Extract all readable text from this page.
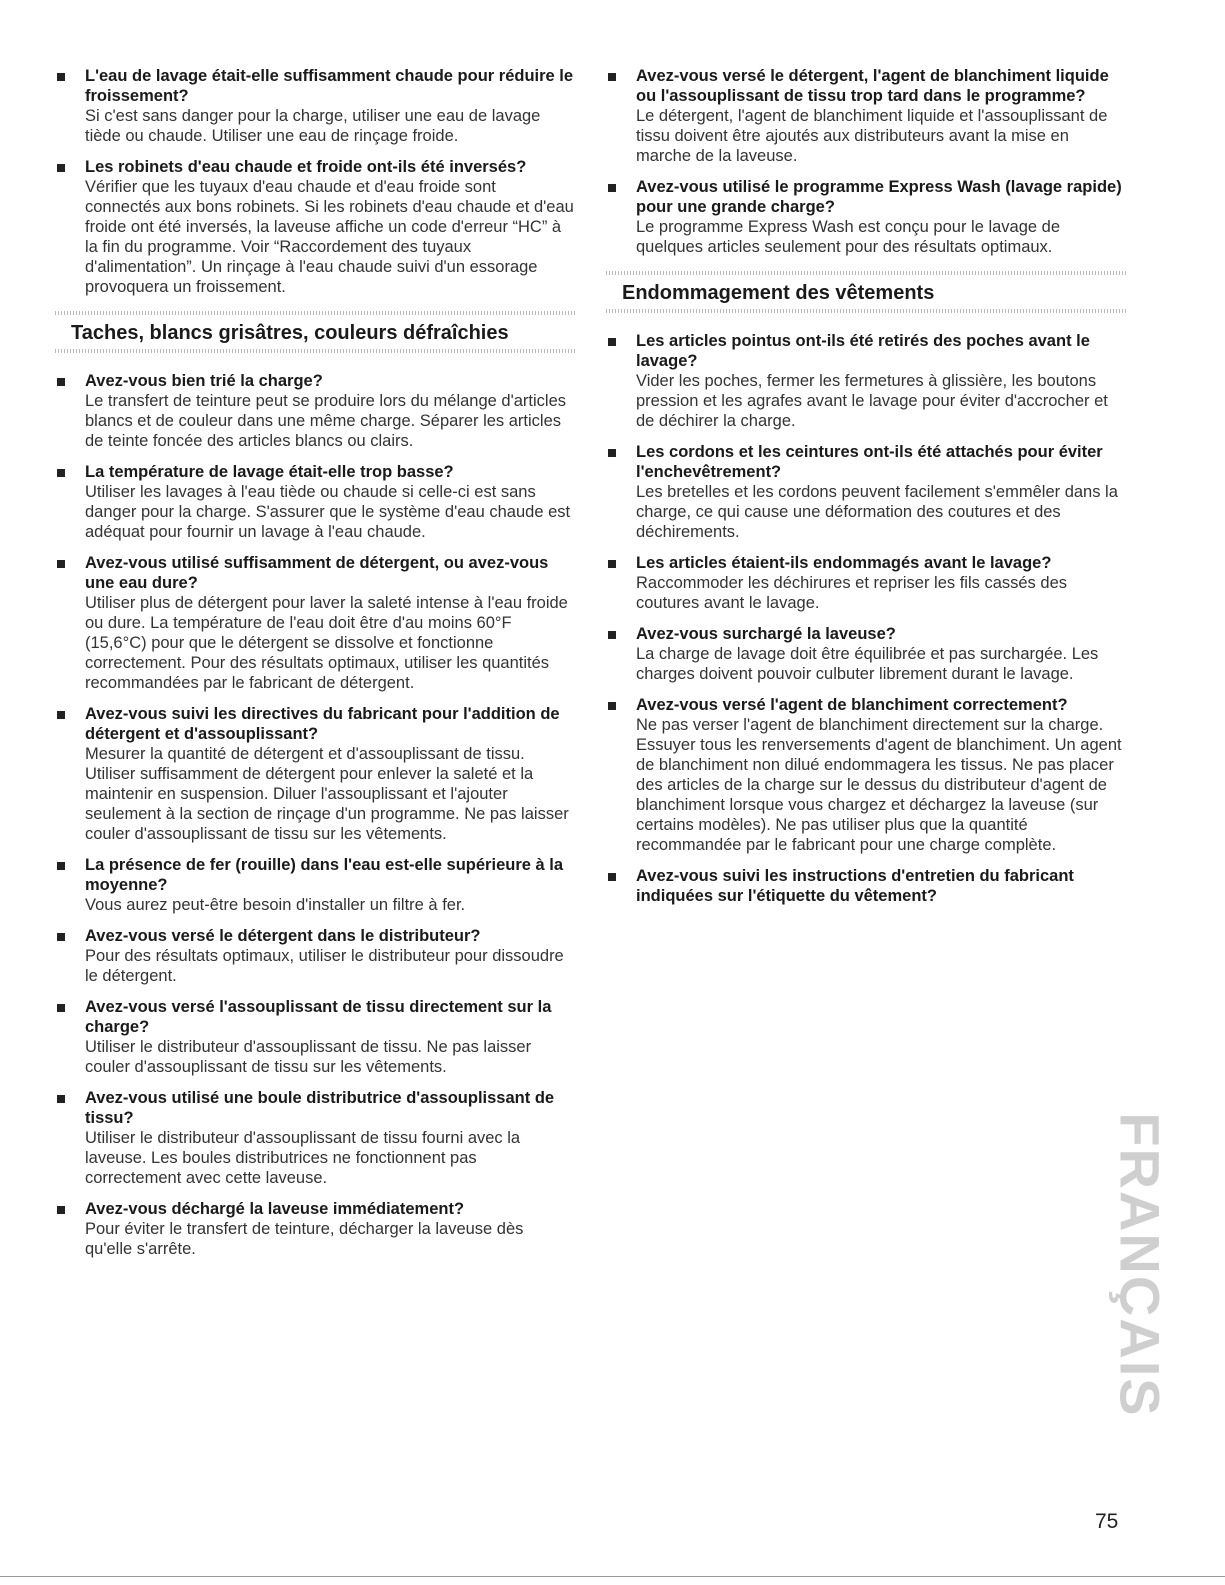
L'eau de lavage était-elle suffisamment chaude pour réduire le froissement?
Si c'est sans danger pour la charge, utiliser une eau de lavage tiède ou chaude. Utiliser une eau de rinçage froide.
Les robinets d'eau chaude et froide ont-ils été inversés?
Vérifier que les tuyaux d'eau chaude et d'eau froide sont connectés aux bons robinets. Si les robinets d'eau chaude et d'eau froide ont été inversés, la laveuse affiche un code d'erreur “HC” à la fin du programme. Voir “Raccordement des tuyaux d'alimentation”. Un rinçage à l'eau chaude suivi d'un essorage provoquera un froissement.
Taches, blancs grisâtres, couleurs défraîchies
Avez-vous bien trié la charge?
Le transfert de teinture peut se produire lors du mélange d'articles blancs et de couleur dans une même charge. Séparer les articles de teinte foncée des articles blancs ou clairs.
La température de lavage était-elle trop basse?
Utiliser les lavages à l'eau tiède ou chaude si celle-ci est sans danger pour la charge. S'assurer que le système d'eau chaude est adéquat pour fournir un lavage à l'eau chaude.
Avez-vous utilisé suffisamment de détergent, ou avez-vous une eau dure?
Utiliser plus de détergent pour laver la saleté intense à l'eau froide ou dure. La température de l'eau doit être d'au moins 60°F (15,6°C) pour que le détergent se dissolve et fonctionne correctement. Pour des résultats optimaux, utiliser les quantités recommandées par le fabricant de détergent.
Avez-vous suivi les directives du fabricant pour l'addition de détergent et d'assouplissant?
Mesurer la quantité de détergent et d'assouplissant de tissu. Utiliser suffisamment de détergent pour enlever la saleté et la maintenir en suspension. Diluer l'assouplissant et l'ajouter seulement à la section de rinçage d'un programme. Ne pas laisser couler d'assouplissant de tissu sur les vêtements.
La présence de fer (rouille) dans l'eau est-elle supérieure à la moyenne?
Vous aurez peut-être besoin d'installer un filtre à fer.
Avez-vous versé le détergent dans le distributeur?
Pour des résultats optimaux, utiliser le distributeur pour dissoudre le détergent.
Avez-vous versé l'assouplissant de tissu directement sur la charge?
Utiliser le distributeur d'assouplissant de tissu. Ne pas laisser couler d'assouplissant de tissu sur les vêtements.
Avez-vous utilisé une boule distributrice d'assouplissant de tissu?
Utiliser le distributeur d'assouplissant de tissu fourni avec la laveuse. Les boules distributrices ne fonctionnent pas correctement avec cette laveuse.
Avez-vous déchargé la laveuse immédiatement?
Pour éviter le transfert de teinture, décharger la laveuse dès qu'elle s'arrête.
Avez-vous versé le détergent, l'agent de blanchiment liquide ou l'assouplissant de tissu trop tard dans le programme?
Le détergent, l'agent de blanchiment liquide et l'assouplissant de tissu doivent être ajoutés aux distributeurs avant la mise en marche de la laveuse.
Avez-vous utilisé le programme Express Wash (lavage rapide) pour une grande charge?
Le programme Express Wash est conçu pour le lavage de quelques articles seulement pour des résultats optimaux.
Endommagement des vêtements
Les articles pointus ont-ils été retirés des poches avant le lavage?
Vider les poches, fermer les fermetures à glissière, les boutons pression et les agrafes avant le lavage pour éviter d'accrocher et de déchirer la charge.
Les cordons et les ceintures ont-ils été attachés pour éviter l'enchevêtrement?
Les bretelles et les cordons peuvent facilement s'emmêler dans la charge, ce qui cause une déformation des coutures et des déchirements.
Les articles étaient-ils endommagés avant le lavage?
Raccommoder les déchirures et repriser les fils cassés des coutures avant le lavage.
Avez-vous surchargé la laveuse?
La charge de lavage doit être équilibrée et pas surchargée. Les charges doivent pouvoir culbuter librement durant le lavage.
Avez-vous versé l'agent de blanchiment correctement?
Ne pas verser l'agent de blanchiment directement sur la charge. Essuyer tous les renversements d'agent de blanchiment. Un agent de blanchiment non dilué endommagera les tissus. Ne pas placer des articles de la charge sur le dessus du distributeur d'agent de blanchiment lorsque vous chargez et déchargez la laveuse (sur certains modèles). Ne pas utiliser plus que la quantité recommandée par le fabricant pour une charge complète.
Avez-vous suivi les instructions d'entretien du fabricant indiquées sur l'étiquette du vêtement?
FRANÇAIS
75
